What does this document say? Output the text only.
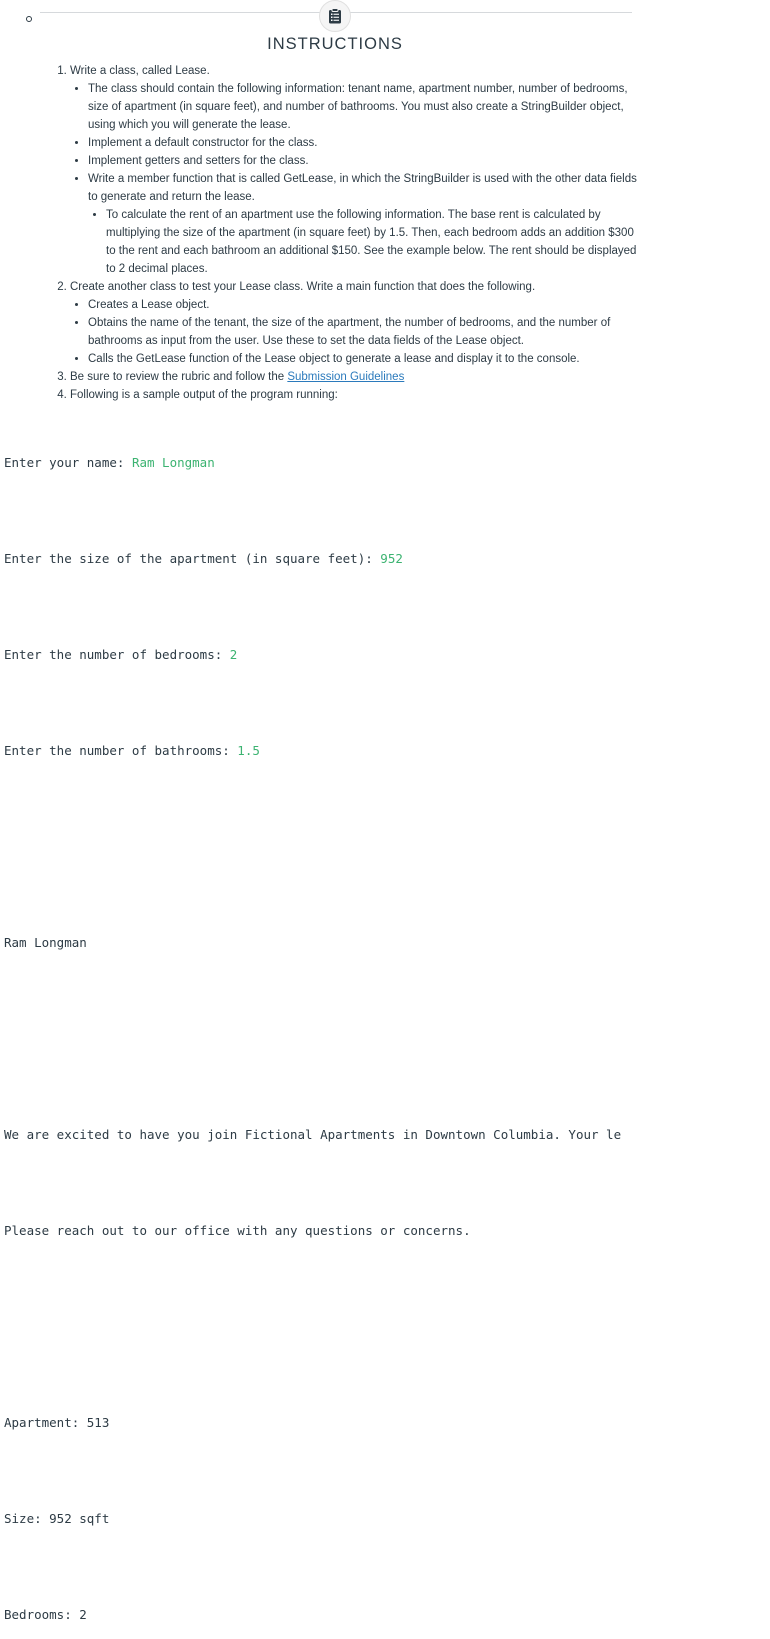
INSTRUCTIONS
1. Write a class, called Lease.
• The class should contain the following information: tenant name, apartment number, number of bedrooms, size of apartment (in square feet), and number of bathrooms. You must also create a StringBuilder object, using which you will generate the lease.
• Implement a default constructor for the class.
• Implement getters and setters for the class.
• Write a member function that is called GetLease, in which the StringBuilder is used with the other data fields to generate and return the lease.
• To calculate the rent of an apartment use the following information. The base rent is calculated by multiplying the size of the apartment (in square feet) by 1.5. Then, each bedroom adds an addition $300 to the rent and each bathroom an additional $150. See the example below. The rent should be displayed to 2 decimal places.
2. Create another class to test your Lease class. Write a main function that does the following.
• Creates a Lease object.
• Obtains the name of the tenant, the size of the apartment, the number of bedrooms, and the number of bathrooms as input from the user. Use these to set the data fields of the Lease object.
• Calls the GetLease function of the Lease object to generate a lease and display it to the console.
3. Be sure to review the rubric and follow the Submission Guidelines
4. Following is a sample output of the program running:

Enter your name: Ram Longman

Enter the size of the apartment (in square feet): 952

Enter the number of bedrooms: 2

Enter the number of bathrooms: 1.5

Ram Longman

We are excited to have you join Fictional Apartments in Downtown Columbia. Your le

Please reach out to our office with any questions or concerns.

Apartment: 513

Size: 952 sqft

Bedrooms: 2
